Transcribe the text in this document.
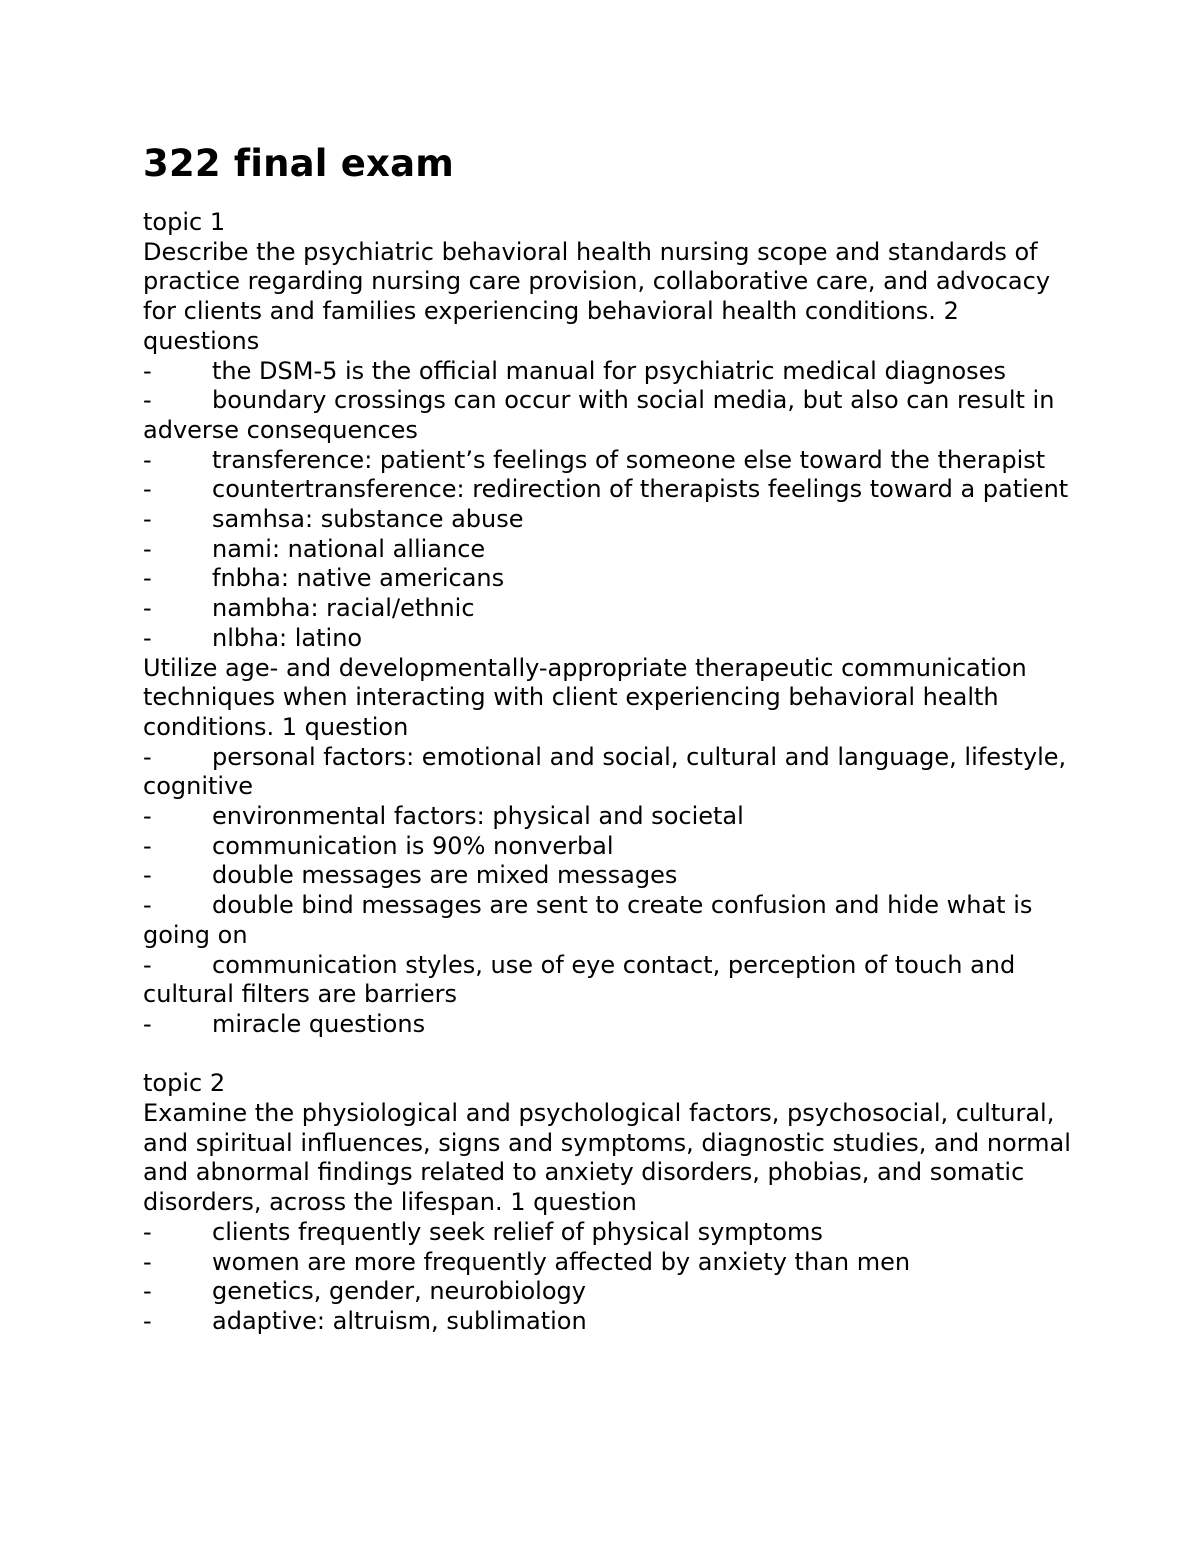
322 final exam

topic 1

Describe the psychiatric behavioral health nursing scope and standards of practice regarding nursing care provision, collaborative care, and advocacy for clients and families experiencing behavioral health conditions. 2 questions

-	the DSM-5 is the official manual for psychiatric medical diagnoses
-	boundary crossings can occur with social media, but also can result in adverse consequences
-	transference: patient’s feelings of someone else toward the therapist
-	countertransference: redirection of therapists feelings toward a patient
-	samhsa: substance abuse
-	nami: national alliance
-	fnbha: native americans
-	nambha: racial/ethnic
-	nlbha: latino

Utilize age- and developmentally-appropriate therapeutic communication techniques when interacting with client experiencing behavioral health conditions. 1 question

-	personal factors: emotional and social, cultural and language, lifestyle, cognitive
-	environmental factors: physical and societal
-	communication is 90% nonverbal
-	double messages are mixed messages
-	double bind messages are sent to create confusion and hide what is going on
-	communication styles, use of eye contact, perception of touch and cultural filters are barriers
-	miracle questions

topic 2

Examine the physiological and psychological factors, psychosocial, cultural, and spiritual influences, signs and symptoms, diagnostic studies, and normal and abnormal findings related to anxiety disorders, phobias, and somatic disorders, across the lifespan. 1 question

-	clients frequently seek relief of physical symptoms
-	women are more frequently affected by anxiety than men
-	genetics, gender, neurobiology
-	adaptive: altruism, sublimation
